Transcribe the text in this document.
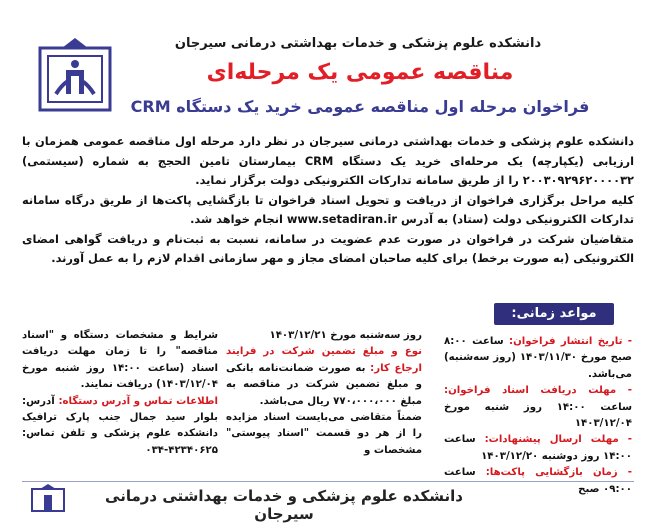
دانشکده علوم پزشکی و خدمات بهداشتی درمانی سیرجان
مناقصه عمومی یک مرحله‌ای
فراخوان مرحله اول مناقصه عمومی خرید یک دستگاه CRM

دانشکده علوم پزشکی و خدمات بهداشتی درمانی سیرجان در نظر دارد مرحله اول مناقصه عمومی همزمان با ارزیابی (یکپارچه) یک مرحله‌ای خرید یک دستگاه CRM بیمارستان تامین الحجج به شماره (سیستمی) ۲۰۰۳۰۹۲۹۶۲۰۰۰۰۳۲ را از طریق سامانه تدارکات الکترونیکی دولت برگزار نماید.

کلیه مراحل برگزاری فراخوان از دریافت و تحویل اسناد فراخوان تا بازگشایی پاکت‌ها از طریق درگاه سامانه تدارکات الکترونیکی دولت (ستاد) به آدرس www.setadiran.ir انجام خواهد شد.

متقاضیان شرکت در فراخوان در صورت عدم عضویت در سامانه، نسبت به ثبت‌نام و دریافت گواهی امضای الکترونیکی (به صورت برخط) برای کلیه صاحبان امضای مجاز و مهر سازمانی اقدام لازم را به عمل آورند.

مواعد زمانی:

- تاریخ انتشار فراخوان: ساعت ۸:۰۰ صبح مورخ ۱۴۰۳/۱۱/۳۰ (روز سه‌شنبه) می‌باشد.

- مهلت دریافت اسناد فراخوان: ساعت ۱۴:۰۰ روز شنبه مورخ ۱۴۰۳/۱۲/۰۴

- مهلت ارسال پیشنهادات: ساعت ۱۴:۰۰ روز دوشنبه ۱۴۰۳/۱۲/۲۰

- زمان بازگشایی پاکت‌ها: ساعت ۰۹:۰۰ صبح

روز سه‌شنبه مورخ ۱۴۰۳/۱۲/۲۱

نوع و مبلغ تضمین شرکت در فرایند ارجاع کار: به صورت ضمانت‌نامه بانکی و مبلغ تضمین شرکت در مناقصه به مبلغ ۷۷۰،۰۰۰،۰۰۰ ریال می‌باشد.

ضمناً متقاضی می‌بایست اسناد مزایده را از هر دو قسمت "اسناد پیوستی" مشخصات و

شرایط و مشخصات دستگاه و "اسناد مناقصه" را تا زمان مهلت دریافت اسناد (ساعت ۱۴:۰۰ روز شنبه مورخ ۱۴۰۳/۱۲/۰۴) دریافت نمایند.

اطلاعات تماس و آدرس دستگاه: آدرس: بلوار سید جمال جنب پارک ترافیک دانشکده علوم پزشکی و تلفن تماس: ۴۲۳۴۰۶۲۵-۰۳۴

دانشکده علوم پزشکی و خدمات بهداشتی درمانی سیرجان
